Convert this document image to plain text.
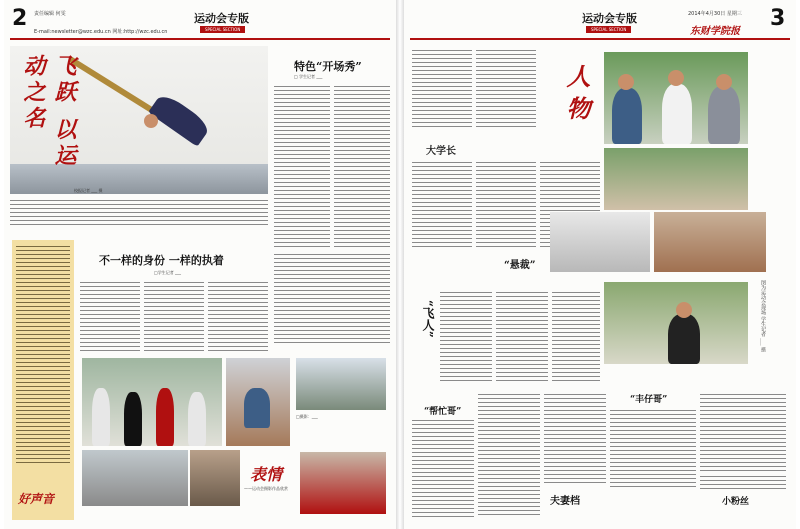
2 责任编辑 何雯
E-mail:newsletter@wzc.edu.cn 网址:http://wzc.edu.cn
运动会专版
SPECIAL SECTION
飞跃 以运动之名
校报记者 ___ 摄
特色“开场秀”
□ 学生记者 ___
好声音
不一样的身份 一样的执着
□学生记者 ___
□摄影：___
表情
——运动会摄影作品欣赏
运动会专版
SPECIAL SECTION
2014年4月30日 星期三
东财学院报
3
大学长
人物
图为运动会现场 学生记者 ___ 摄
“悬裁”
“飞人”
“帮忙哥”
夫妻档
“丰仔哥”
小粉丝
